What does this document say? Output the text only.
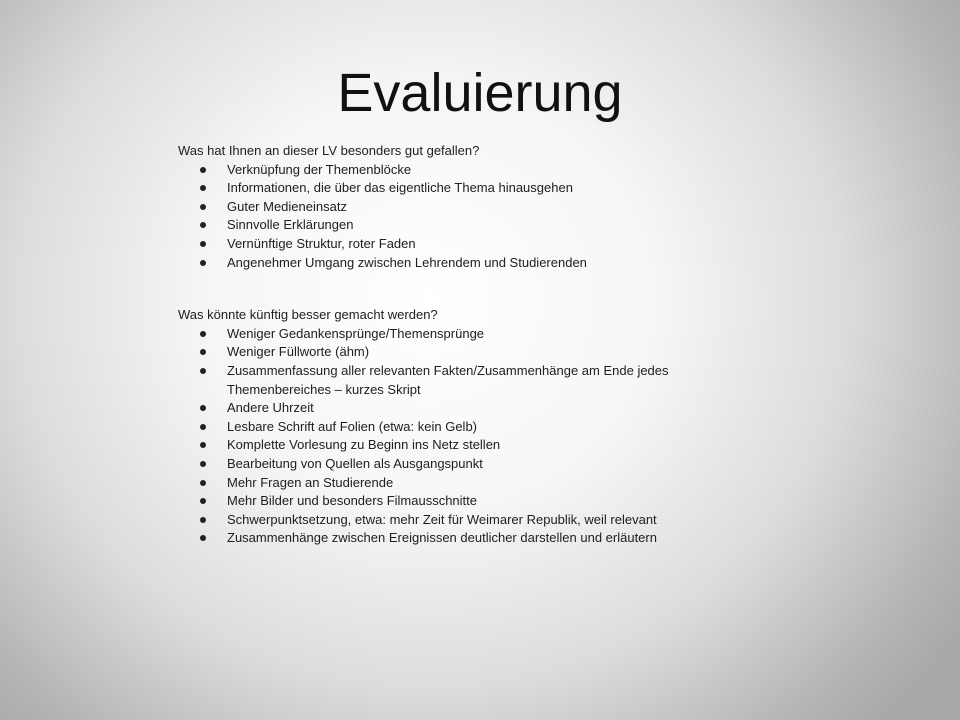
Evaluierung

Was hat Ihnen an dieser LV besonders gut gefallen?

Verknüpfung der Themenblöcke
Informationen, die über das eigentliche Thema hinausgehen
Guter Medieneinsatz
Sinnvolle Erklärungen
Vernünftige Struktur, roter Faden
Angenehmer Umgang zwischen Lehrendem und Studierenden

Was könnte künftig besser gemacht werden?

Weniger Gedankensprünge/Themensprünge
Weniger Füllworte (ähm)
Zusammenfassung aller relevanten Fakten/Zusammenhänge am Ende jedes Themenbereiches – kurzes Skript
Andere Uhrzeit
Lesbare Schrift auf Folien (etwa: kein Gelb)
Komplette Vorlesung zu Beginn ins Netz stellen
Bearbeitung von Quellen als Ausgangspunkt
Mehr Fragen an Studierende
Mehr Bilder und besonders Filmausschnitte
Schwerpunktsetzung, etwa: mehr Zeit für Weimarer Republik, weil relevant
Zusammenhänge zwischen Ereignissen deutlicher darstellen und erläutern
